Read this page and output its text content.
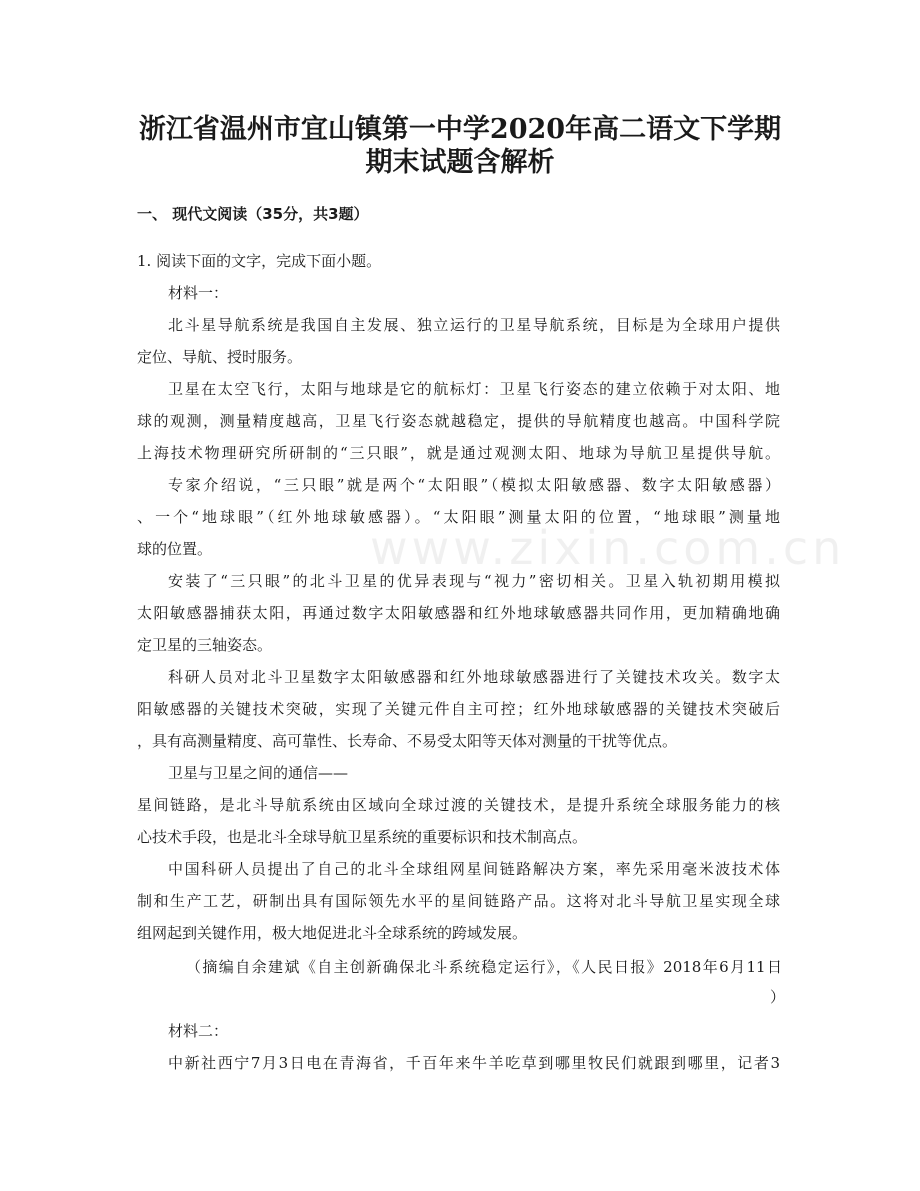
www.zixin.com.cn
浙江省温州市宜山镇第一中学2020年高二语文下学期
期末试题含解析
一、 现代文阅读（35分，共3题）
1. 阅读下面的文字，完成下面小题。
材料一：
北斗星导航系统是我国自主发展、独立运行的卫星导航系统，目标是为全球用户提供
定位、导航、授时服务。
卫星在太空飞行，太阳与地球是它的航标灯：卫星飞行姿态的建立依赖于对太阳、地
球的观测，测量精度越高，卫星飞行姿态就越稳定，提供的导航精度也越高。中国科学院
上海技术物理研究所研制的“三只眼”，就是通过观测太阳、地球为导航卫星提供导航。
专家介绍说，“三只眼”就是两个“太阳眼”（模拟太阳敏感器、数字太阳敏感器）
、一个“地球眼”（红外地球敏感器）。“太阳眼”测量太阳的位置，“地球眼”测量地
球的位置。
安装了“三只眼”的北斗卫星的优异表现与“视力”密切相关。卫星入轨初期用模拟
太阳敏感器捕获太阳，再通过数字太阳敏感器和红外地球敏感器共同作用，更加精确地确
定卫星的三轴姿态。
科研人员对北斗卫星数字太阳敏感器和红外地球敏感器进行了关键技术攻关。数字太
阳敏感器的关键技术突破，实现了关键元件自主可控；红外地球敏感器的关键技术突破后
，具有高测量精度、高可靠性、长寿命、不易受太阳等天体对测量的干扰等优点。
卫星与卫星之间的通信——
星间链路，是北斗导航系统由区域向全球过渡的关键技术，是提升系统全球服务能力的核
心技术手段，也是北斗全球导航卫星系统的重要标识和技术制高点。
中国科研人员提出了自己的北斗全球组网星间链路解决方案，率先采用毫米波技术体
制和生产工艺，研制出具有国际领先水平的星间链路产品。这将对北斗导航卫星实现全球
组网起到关键作用，极大地促进北斗全球系统的跨域发展。
（摘编自余建斌《自主创新确保北斗系统稳定运行》，《人民日报》2018年6月11日
）
材料二：
中新社西宁7月3日电在青海省，千百年来牛羊吃草到哪里牧民们就跟到哪里，记者3
